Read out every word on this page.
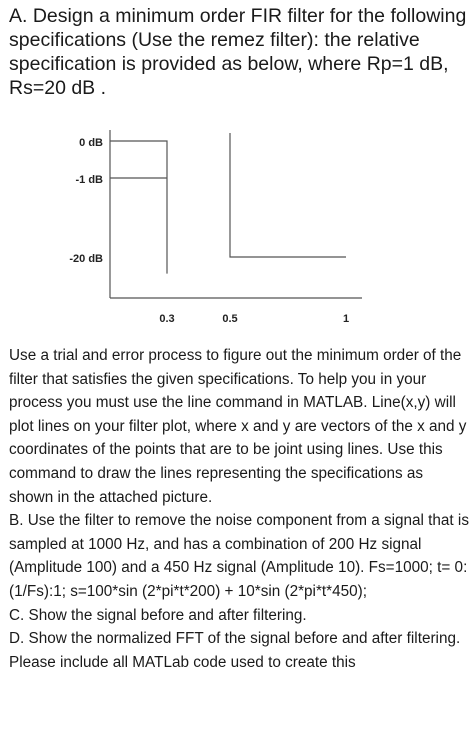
A. Design a minimum order FIR filter for the following specifications (Use the remez filter): the relative specification is provided as below, where Rp=1 dB, Rs=20 dB .

0 dB
-1 dB
-20 dB
0.3	0.5	1

Use a trial and error process to figure out the minimum order of the filter that satisfies the given specifications. To help you in your process you must use the line command in MATLAB. Line(x,y) will plot lines on your filter plot, where x and y are vectors of the x and y coordinates of the points that are to be joint using lines. Use this command to draw the lines representing the specifications as shown in the attached picture.

B. Use the filter to remove the noise component from a signal that is sampled at 1000 Hz, and has a combination of 200 Hz signal (Amplitude 100) and a 450 Hz signal (Amplitude 10). Fs=1000; t= 0:(1/Fs):1; s=100*sin (2*pi*t*200) + 10*sin (2*pi*t*450);

C. Show the signal before and after filtering.

D. Show the normalized FFT of the signal before and after filtering.

Please include all MATLab code used to create this
